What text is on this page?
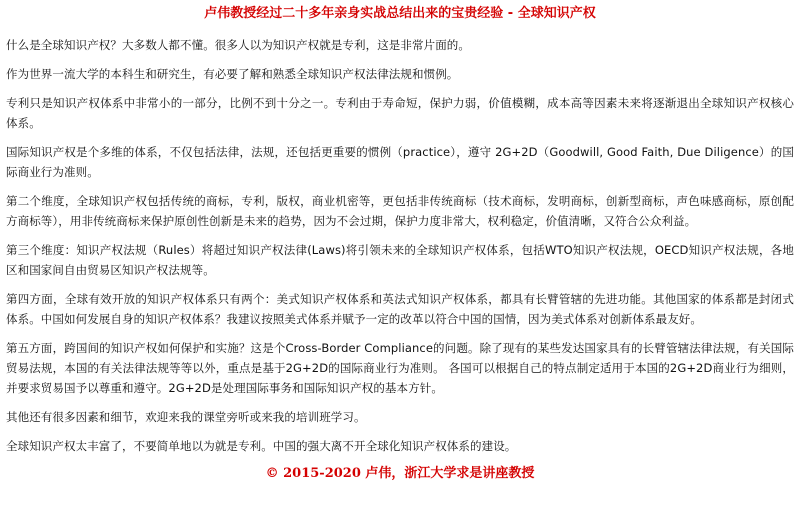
卢伟教授经过二十多年亲身实战总结出来的宝贵经验 - 全球知识产权

什么是全球知识产权？大多数人都不懂。很多人以为知识产权就是专利，这是非常片面的。

作为世界一流大学的本科生和研究生，有必要了解和熟悉全球知识产权法律法规和惯例。

专利只是知识产权体系中非常小的一部分，比例不到十分之一。专利由于寿命短，保护力弱，价值模糊，成本高等因素未来将逐渐退出全球知识产权核心体系。

国际知识产权是个多维的体系，不仅包括法律，法规，还包括更重要的惯例（practice），遵守 2G+2D（Goodwill, Good Faith, Due Diligence）的国际商业行为准则。

第二个维度，全球知识产权包括传统的商标，专利，版权，商业机密等，更包括非传统商标（技术商标，发明商标，创新型商标，声色味感商标，原创配方商标等），用非传统商标来保护原创性创新是未来的趋势，因为不会过期，保护力度非常大，权利稳定，价值清晰，又符合公众利益。

第三个维度：知识产权法规（Rules）将超过知识产权法律(Laws)将引领未来的全球知识产权体系，包括WTO知识产权法规，OECD知识产权法规，各地区和国家间自由贸易区知识产权法规等。

第四方面，全球有效开放的知识产权体系只有两个：美式知识产权体系和英法式知识产权体系，都具有长臂管辖的先进功能。其他国家的体系都是封闭式体系。中国如何发展自身的知识产权体系？我建议按照美式体系并赋予一定的改革以符合中国的国情，因为美式体系对创新体系最友好。

第五方面，跨国间的知识产权如何保护和实施？这是个Cross-Border Compliance的问题。除了现有的某些发达国家具有的长臂管辖法律法规，有关国际贸易法规，本国的有关法律法规等等以外，重点是基于2G+2D的国际商业行为准则。 各国可以根据自己的特点制定适用于本国的2G+2D商业行为细则，并要求贸易国予以尊重和遵守。2G+2D是处理国际事务和国际知识产权的基本方针。

其他还有很多因素和细节，欢迎来我的课堂旁听或来我的培训班学习。

全球知识产权太丰富了，不要简单地以为就是专利。中国的强大离不开全球化知识产权体系的建设。

© 2015-2020 卢伟，浙江大学求是讲座教授
